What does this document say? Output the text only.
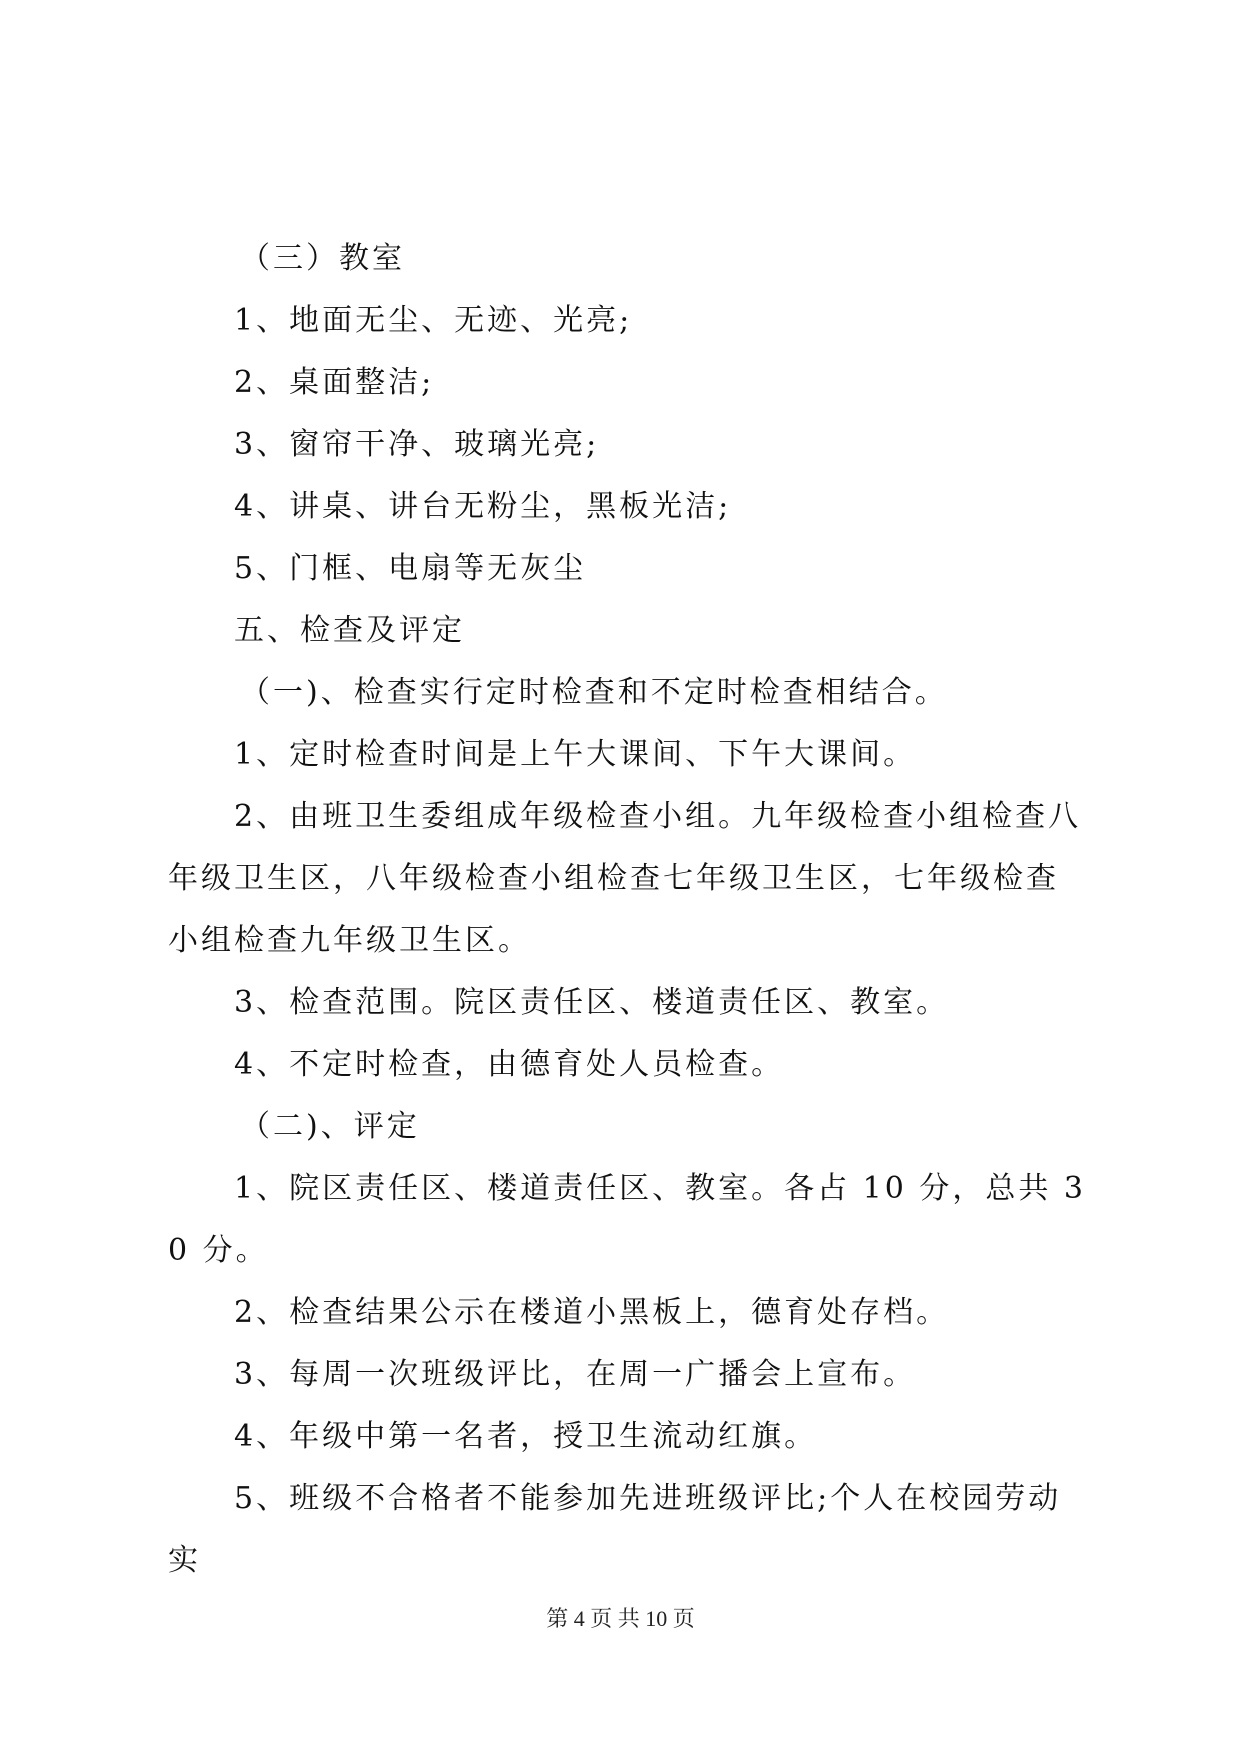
（三）教室

1、地面无尘、无迹、光亮;

2、桌面整洁;

3、窗帘干净、玻璃光亮;

4、讲桌、讲台无粉尘，黑板光洁;

5、门框、电扇等无灰尘

五、检查及评定

（一)、检查实行定时检查和不定时检查相结合。

1、定时检查时间是上午大课间、下午大课间。

2、由班卫生委组成年级检查小组。九年级检查小组检查八年级卫生区，八年级检查小组检查七年级卫生区，七年级检查小组检查九年级卫生区。

3、检查范围。院区责任区、楼道责任区、教室。

4、不定时检查，由德育处人员检查。

（二)、评定

1、院区责任区、楼道责任区、教室。各占 10 分，总共 30 分。

2、检查结果公示在楼道小黑板上，德育处存档。

3、每周一次班级评比，在周一广播会上宣布。

4、年级中第一名者，授卫生流动红旗。

5、班级不合格者不能参加先进班级评比;个人在校园劳动实

第 4 页 共 10 页
